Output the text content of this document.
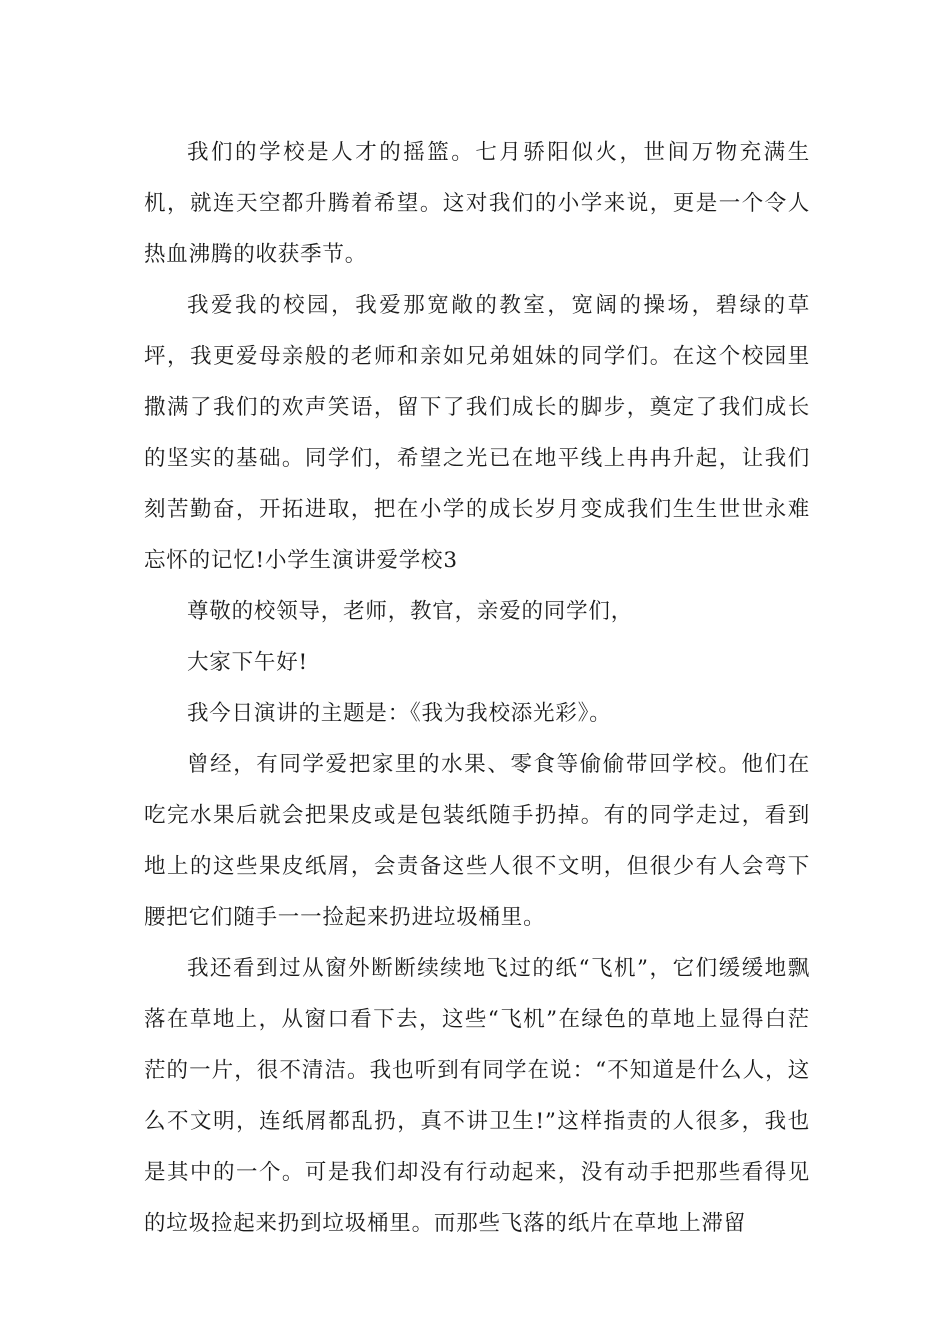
我们的学校是人才的摇篮。七月骄阳似火，世间万物充满生机，就连天空都升腾着希望。这对我们的小学来说，更是一个令人热血沸腾的收获季节。

我爱我的校园，我爱那宽敞的教室，宽阔的操场，碧绿的草坪，我更爱母亲般的老师和亲如兄弟姐妹的同学们。在这个校园里撒满了我们的欢声笑语，留下了我们成长的脚步，奠定了我们成长的坚实的基础。同学们，希望之光已在地平线上冉冉升起，让我们刻苦勤奋，开拓进取，把在小学的成长岁月变成我们生生世世永难忘怀的记忆!小学生演讲爱学校3

尊敬的校领导，老师，教官，亲爱的同学们，

大家下午好!

我今日演讲的主题是：《我为我校添光彩》。

曾经，有同学爱把家里的水果、零食等偷偷带回学校。他们在吃完水果后就会把果皮或是包装纸随手扔掉。有的同学走过，看到地上的这些果皮纸屑，会责备这些人很不文明，但很少有人会弯下腰把它们随手一一捡起来扔进垃圾桶里。

我还看到过从窗外断断续续地飞过的纸“飞机”，它们缓缓地飘落在草地上，从窗口看下去，这些“飞机”在绿色的草地上显得白茫茫的一片，很不清洁。我也听到有同学在说：“不知道是什么人，这么不文明，连纸屑都乱扔，真不讲卫生!”这样指责的人很多，我也是其中的一个。可是我们却没有行动起来，没有动手把那些看得见的垃圾捡起来扔到垃圾桶里。而那些飞落的纸片在草地上滞留
